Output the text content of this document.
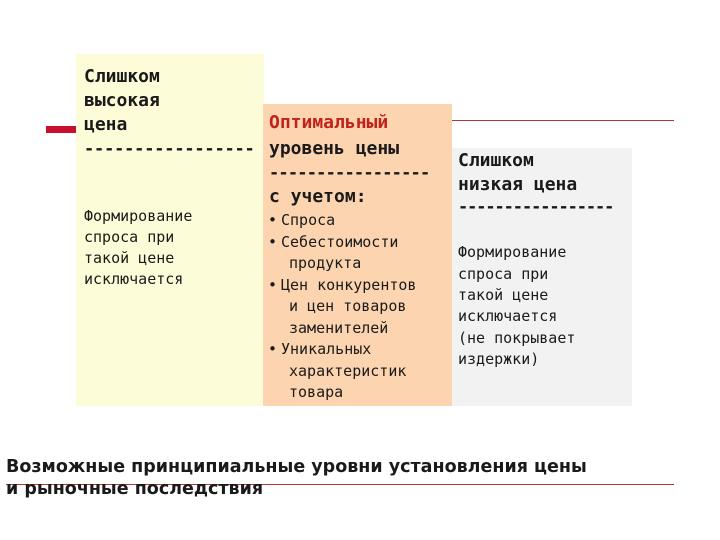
Слишком
высокая
цена
-----------------
Формирование
спроса при
такой цене
исключается
Оптимальный
уровень цены
-----------------
с учетом:
• Спроса
• Себестоимости
продукта
• Цен конкурентов
и цен товаров
заменителей
• Уникальных
характеристик
товара
Слишком
низкая цена
-----------------
Формирование
спроса при
такой цене
исключается
(не покрывает
издержки)
Возможные принципиальные уровни установления цены
и рыночные последствия
